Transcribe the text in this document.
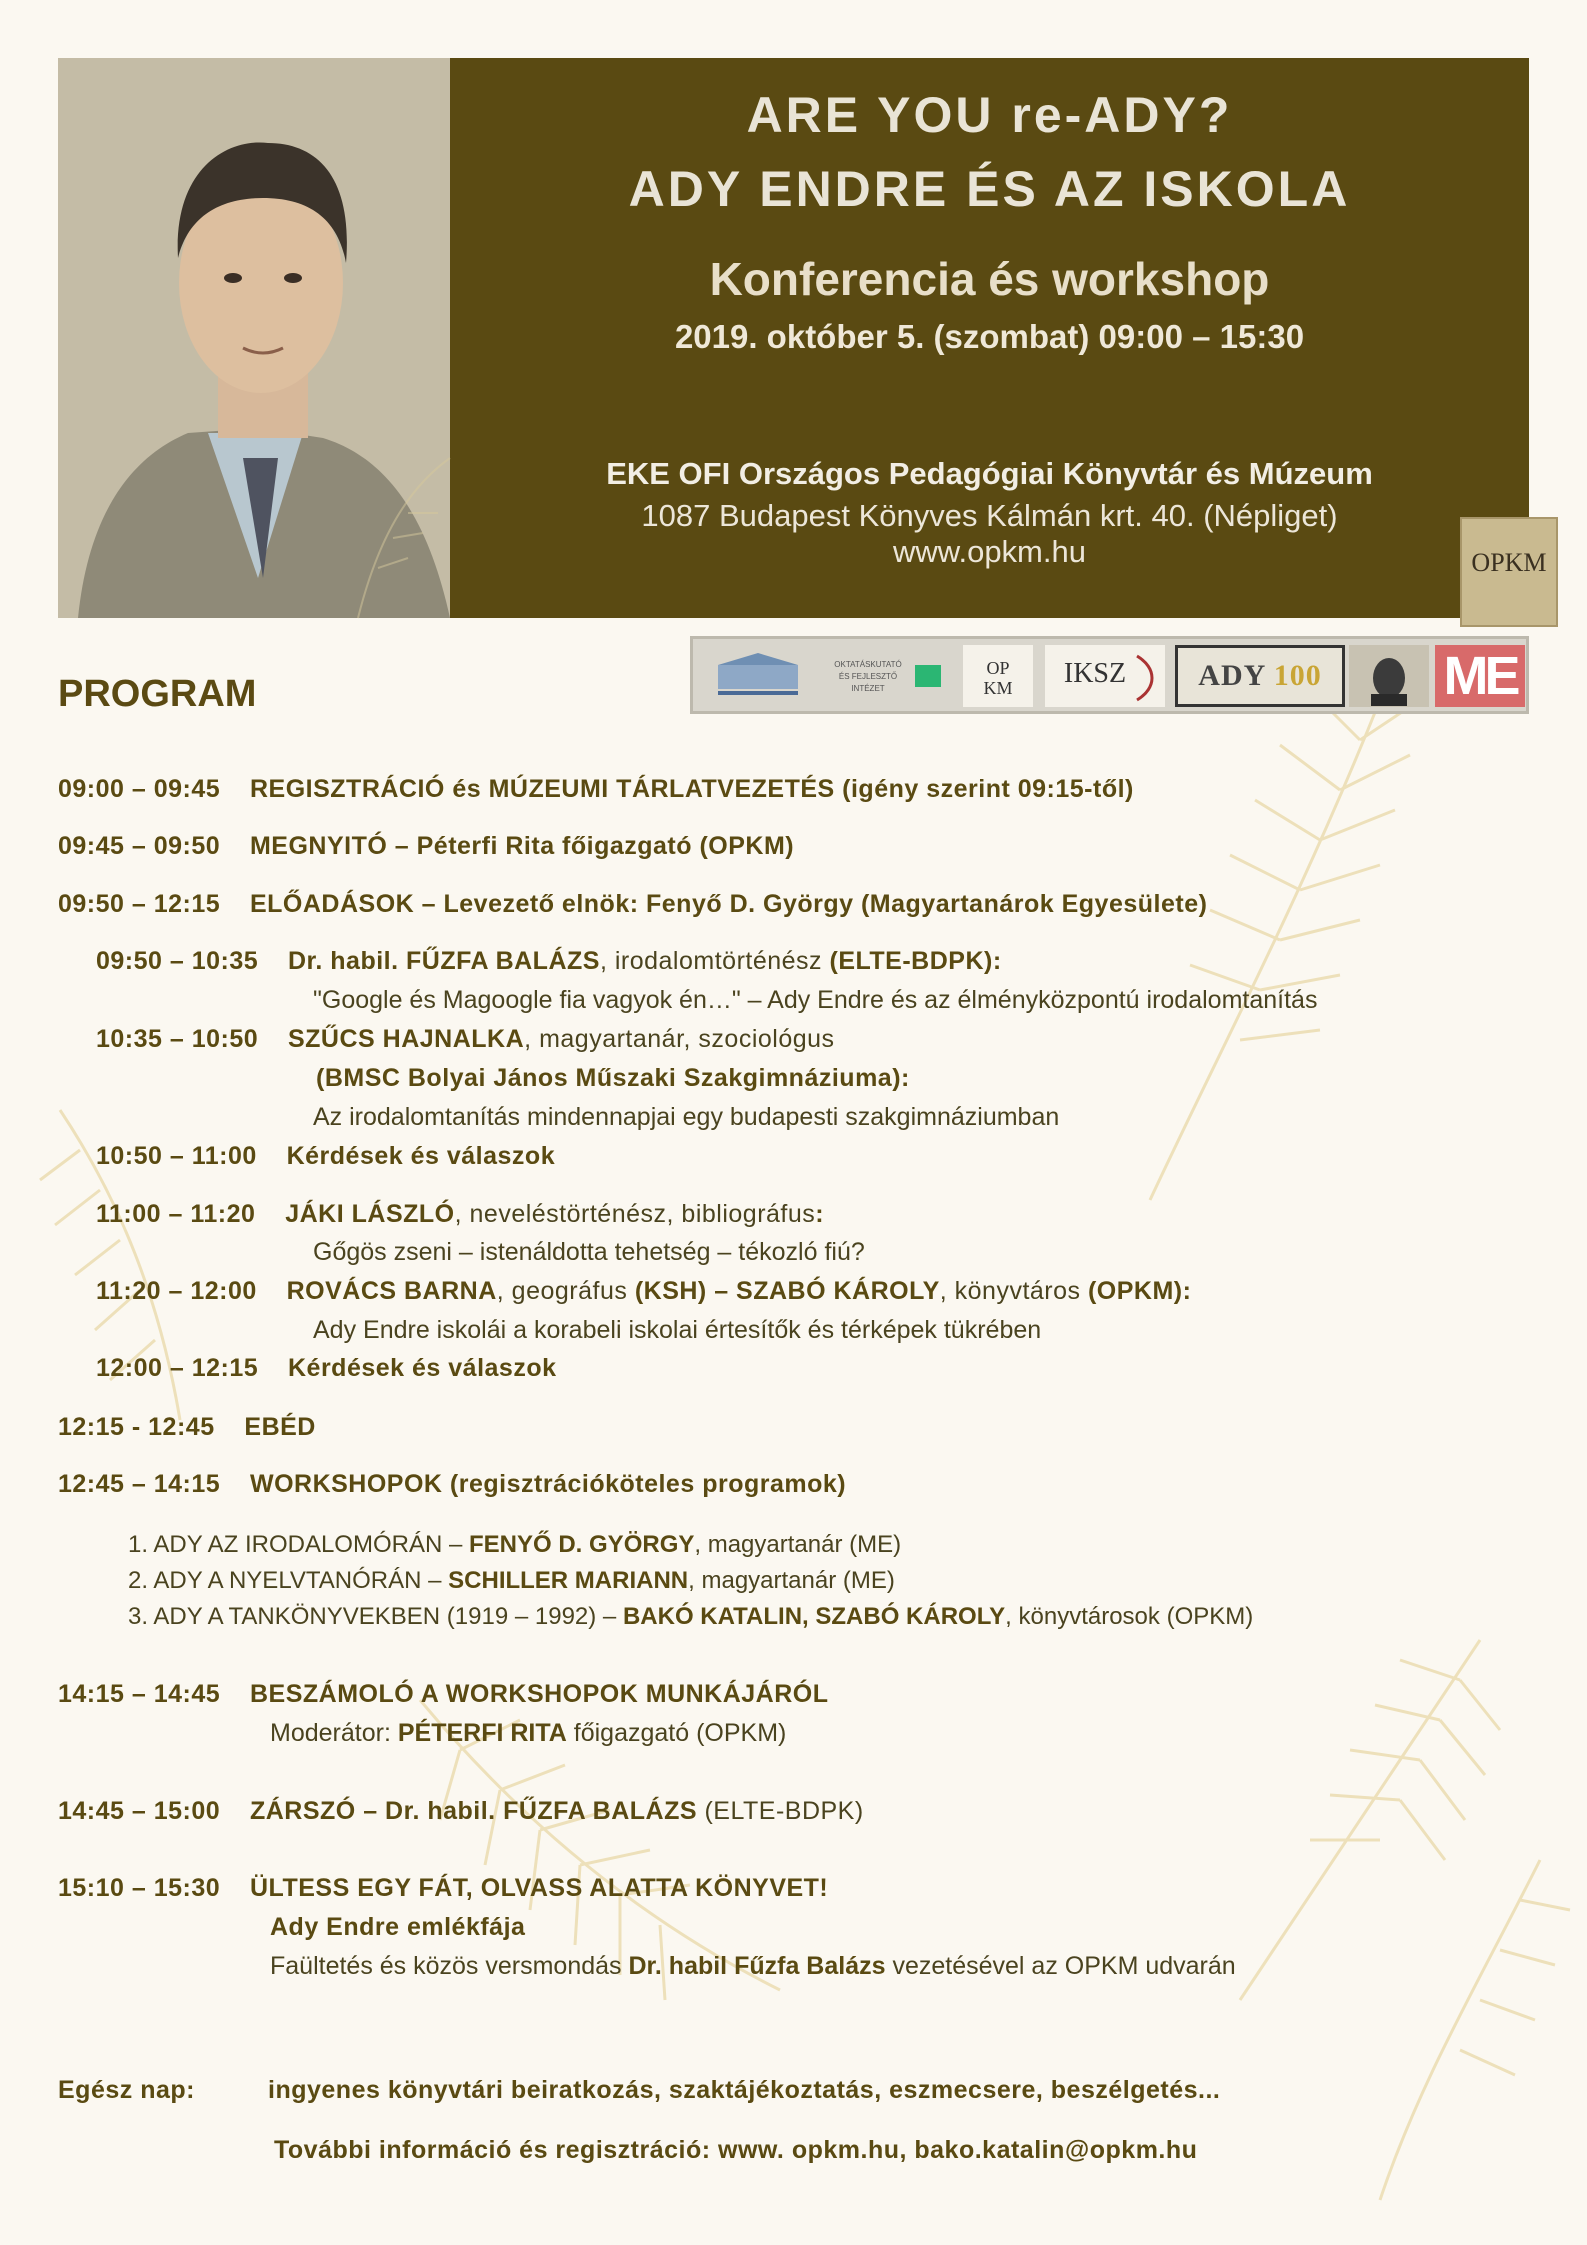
ARE YOU re-ADY?
ADY ENDRE ÉS AZ ISKOLA
Konferencia és workshop
2019. október 5. (szombat) 09:00 – 15:30
EKE OFI Országos Pedagógiai Könyvtár és Múzeum
1087 Budapest Könyves Kálmán krt. 40. (Népliget)
www.opkm.hu	OPKM
OKTATÁSKUTATÓ
ÉS FEJLESZTŐ
INTÉZET
OP
KM IKSZ ADY 100 ME
PROGRAM
09:00 – 09:45 REGISZTRÁCIÓ és MÚZEUMI TÁRLATVEZETÉS (igény szerint 09:15-től)
09:45 – 09:50 MEGNYITÓ – Péterfi Rita főigazgató (OPKM)
09:50 – 12:15 ELŐADÁSOK – Levezető elnök: Fenyő D. György (Magyartanárok Egyesülete)
09:50 – 10:35 Dr. habil. FŰZFA BALÁZS, irodalomtörténész (ELTE-BDPK):
"Google és Magoogle fia vagyok én…" – Ady Endre és az élményközpontú irodalomtanítás
10:35 – 10:50 SZŰCS HAJNALKA, magyartanár, szociológus
(BMSC Bolyai János Műszaki Szakgimnáziuma):
Az irodalomtanítás mindennapjai egy budapesti szakgimnáziumban
10:50 – 11:00 Kérdések és válaszok
11:00 – 11:20 JÁKI LÁSZLÓ, neveléstörténész, bibliográfus:
Gőgös zseni – istenáldotta tehetség – tékozló fiú?
11:20 – 12:00 ROVÁCS BARNA, geográfus (KSH) – SZABÓ KÁROLY, könyvtáros (OPKM):
Ady Endre iskolái a korabeli iskolai értesítők és térképek tükrében
12:00 – 12:15 Kérdések és válaszok
12:15 - 12:45 EBÉD
12:45 – 14:15 WORKSHOPOK (regisztrációköteles programok)
1. ADY AZ IRODALOMÓRÁN – FENYŐ D. GYÖRGY, magyartanár (ME)
2. ADY A NYELVTANÓRÁN – SCHILLER MARIANN, magyartanár (ME)
3. ADY A TANKÖNYVEKBEN (1919 – 1992) – BAKÓ KATALIN, SZABÓ KÁROLY, könyvtárosok (OPKM)
14:15 – 14:45 BESZÁMOLÓ A WORKSHOPOK MUNKÁJÁRÓL
Moderátor: PÉTERFI RITA főigazgató (OPKM)
14:45 – 15:00 ZÁRSZÓ – Dr. habil. FŰZFA BALÁZS (ELTE-BDPK)
15:10 – 15:30 ÜLTESS EGY FÁT, OLVASS ALATTA KÖNYVET!
Ady Endre emlékfája
Faültetés és közös versmondás Dr. habil Fűzfa Balázs vezetésével az OPKM udvarán
Egész nap:	ingyenes könyvtári beiratkozás, szaktájékoztatás, eszmecsere, beszélgetés...
További információ és regisztráció: www. opkm.hu, bako.katalin@opkm.hu
